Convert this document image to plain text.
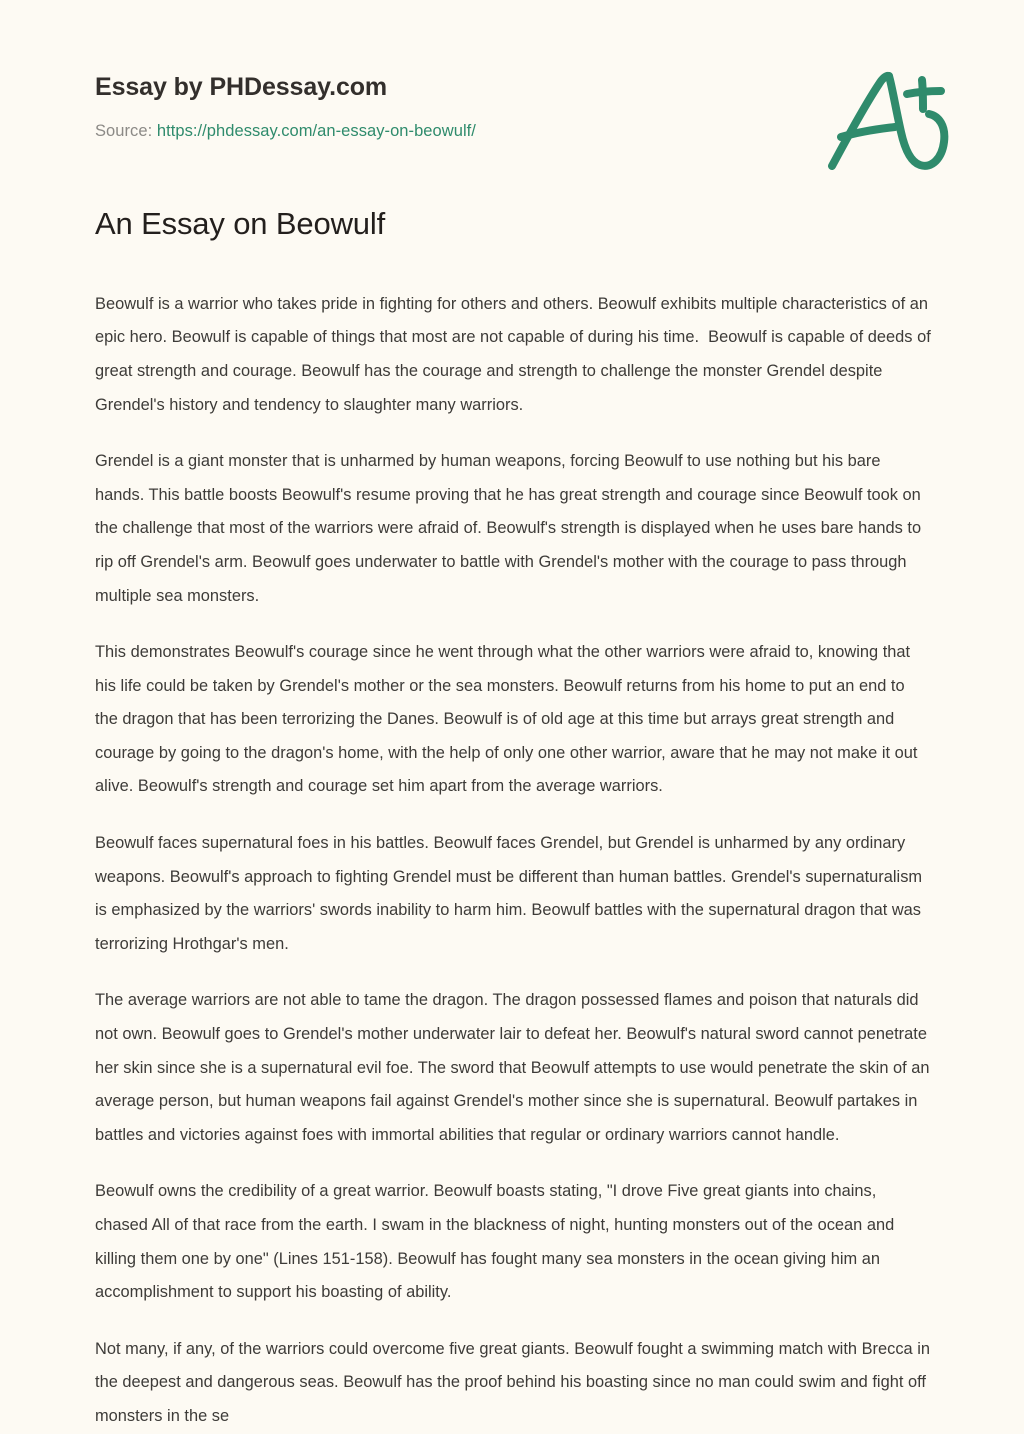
Essay by PHDessay.com
Source: https://phdessay.com/an-essay-on-beowulf/
An Essay on Beowulf

Beowulf is a warrior who takes pride in fighting for others and others. Beowulf exhibits multiple characteristics of an epic hero. Beowulf is capable of things that most are not capable of during his time.  Beowulf is capable of deeds of great strength and courage. Beowulf has the courage and strength to challenge the monster Grendel despite Grendel's history and tendency to slaughter many warriors.

Grendel is a giant monster that is unharmed by human weapons, forcing Beowulf to use nothing but his bare hands. This battle boosts Beowulf's resume proving that he has great strength and courage since Beowulf took on the challenge that most of the warriors were afraid of. Beowulf's strength is displayed when he uses bare hands to rip off Grendel's arm. Beowulf goes underwater to battle with Grendel's mother with the courage to pass through multiple sea monsters.

This demonstrates Beowulf's courage since he went through what the other warriors were afraid to, knowing that his life could be taken by Grendel's mother or the sea monsters. Beowulf returns from his home to put an end to the dragon that has been terrorizing the Danes. Beowulf is of old age at this time but arrays great strength and courage by going to the dragon's home, with the help of only one other warrior, aware that he may not make it out alive. Beowulf's strength and courage set him apart from the average warriors.

Beowulf faces supernatural foes in his battles. Beowulf faces Grendel, but Grendel is unharmed by any ordinary weapons. Beowulf's approach to fighting Grendel must be different than human battles. Grendel's supernaturalism is emphasized by the warriors' swords inability to harm him. Beowulf battles with the supernatural dragon that was terrorizing Hrothgar's men.

The average warriors are not able to tame the dragon. The dragon possessed flames and poison that naturals did not own. Beowulf goes to Grendel's mother underwater lair to defeat her. Beowulf's natural sword cannot penetrate her skin since she is a supernatural evil foe. The sword that Beowulf attempts to use would penetrate the skin of an average person, but human weapons fail against Grendel's mother since she is supernatural. Beowulf partakes in battles and victories against foes with immortal abilities that regular or ordinary warriors cannot handle.

Beowulf owns the credibility of a great warrior. Beowulf boasts stating, "I drove Five great giants into chains, chased All of that race from the earth. I swam in the blackness of night, hunting monsters out of the ocean and killing them one by one" (Lines 151-158). Beowulf has fought many sea monsters in the ocean giving him an accomplishment to support his boasting of ability.

Not many, if any, of the warriors could overcome five great giants. Beowulf fought a swimming match with Brecca in the deepest and dangerous seas. Beowulf has the proof behind his boasting since no man could swim and fight off monsters in the se
